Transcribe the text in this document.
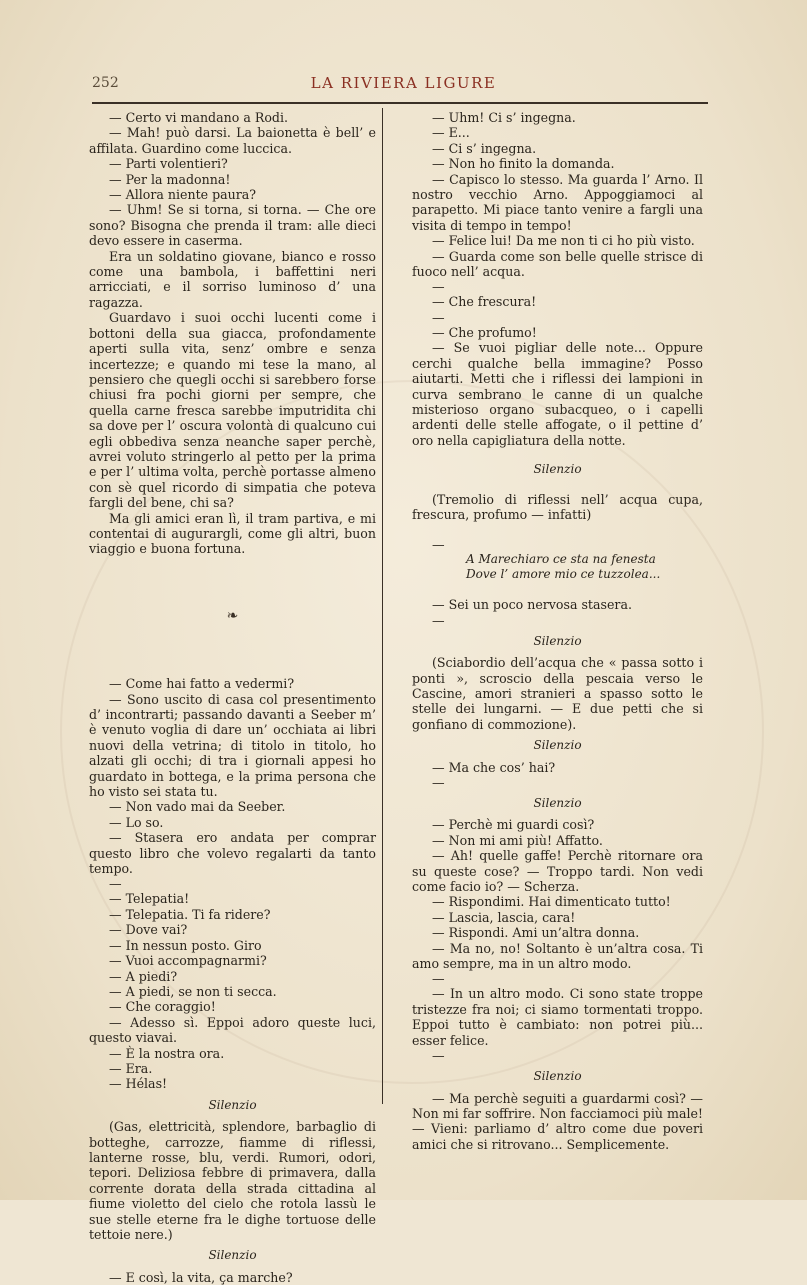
252	LA RIVIERA LIGURE

— Certo vi mandano a Rodi.

— Mah! può darsi. La baionetta è bell’ e affilata. Guardino come luccica.

— Parti volentieri?

— Per la madonna!

— Allora niente paura?

— Uhm! Se si torna, si torna. — Che ore sono? Bisogna che prenda il tram: alle dieci devo essere in caserma.

Era un soldatino giovane, bianco e rosso come una bambola, i baffettini neri arricciati, e il sorriso luminoso d’ una ragazza.

Guardavo i suoi occhi lucenti come i bottoni della sua giacca, profondamente aperti sulla vita, senz’ ombre e senza incertezze; e quando mi tese la mano, al pensiero che quegli occhi si sarebbero forse chiusi fra pochi giorni per sempre, che quella carne fresca sarebbe imputridita chi sa dove per l’ oscura volontà di qualcuno cui egli obbediva senza neanche saper perchè, avrei voluto stringerlo al petto per la prima e per l’ ultima volta, perchè portasse almeno con sè quel ricordo di simpatia che poteva fargli del bene, chi sa?

Ma gli amici eran lì, il tram partiva, e mi contentai di augurargli, come gli altri, buon viaggio e buona fortuna.

❧

— Come hai fatto a vedermi?

— Sono uscito di casa col presentimento d’ incontrarti; passando davanti a Seeber m’ è venuto voglia di dare un’ occhiata ai libri nuovi della vetrina; di titolo in titolo, ho alzati gli occhi; di tra i giornali appesi ho guardato in bottega, e la prima persona che ho visto sei stata tu.

— Non vado mai da Seeber.

— Lo so.

— Stasera ero andata per comprar questo libro che volevo regalarti da tanto tempo.

—

— Telepatia!

— Telepatia. Ti fa ridere?

— Dove vai?

— In nessun posto. Giro

— Vuoi accompagnarmi?

— A piedi?

— A piedi, se non ti secca.

— Che coraggio!

— Adesso sì. Eppoi adoro queste luci, questo viavai.

— È la nostra ora.

— Era.

— Hélas!

Silenzio

(Gas, elettricità, splendore, barbaglio di botteghe, carrozze, fiamme di riflessi, lanterne rosse, blu, verdi. Rumori, odori, tepori. Deliziosa febbre di primavera, dalla corrente dorata della strada cittadina al fiume violetto del cielo che rotola lassù le sue stelle eterne fra le dighe tortuose delle tettoie nere.)

Silenzio

— E così, la vita, ça marche?

— Uhm! Ci s’ ingegna.

— E...

— Ci s’ ingegna.

— Non ho finito la domanda.

— Capisco lo stesso. Ma guarda l’ Arno. Il nostro vecchio Arno. Appoggiamoci al parapetto. Mi piace tanto venire a fargli una visita di tempo in tempo!

— Felice lui! Da me non ti ci ho più visto.

— Guarda come son belle quelle strisce di fuoco nell’ acqua.

—

— Che frescura!

—

— Che profumo!

— Se vuoi pigliar delle note... Oppure cerchi qualche bella immagine? Posso aiutarti. Metti che i riflessi dei lampioni in curva sembrano le canne di un qualche misterioso organo subacqueo, o i capelli ardenti delle stelle affogate, o il pettine d’ oro nella capigliatura della notte.

Silenzio

(Tremolio di riflessi nell’ acqua cupa, frescura, profumo — infatti)

—

A Marechiaro ce sta na fenesta

Dove l’ amore mio ce tuzzolea...

— Sei un poco nervosa stasera.

—

Silenzio

(Sciabordio dell’acqua che « passa sotto i ponti », scroscio della pescaia verso le Cascine, amori stranieri a spasso sotto le stelle dei lungarni. — E due petti che si gonfiano di commozione).

Silenzio

— Ma che cos’ hai?

—

Silenzio

— Perchè mi guardi così?

— Non mi ami più! Affatto.

— Ah! quelle gaffe! Perchè ritornare ora su queste cose? — Troppo tardi. Non vedi come facio io? — Scherza.

— Rispondimi. Hai dimenticato tutto!

— Lascia, lascia, cara!

— Rispondi. Ami un’altra donna.

— Ma no, no! Soltanto è un’altra cosa. Ti amo sempre, ma in un altro modo.

—

— In un altro modo. Ci sono state troppe tristezze fra noi; ci siamo tormentati troppo. Eppoi tutto è cambiato: non potrei più... esser felice.

—

Silenzio

— Ma perchè seguiti a guardarmi così? — Non mi far soffrire. Non facciamoci più male! — Vieni: parliamo d’ altro come due poveri amici che si ritrovano... Semplicemente.
